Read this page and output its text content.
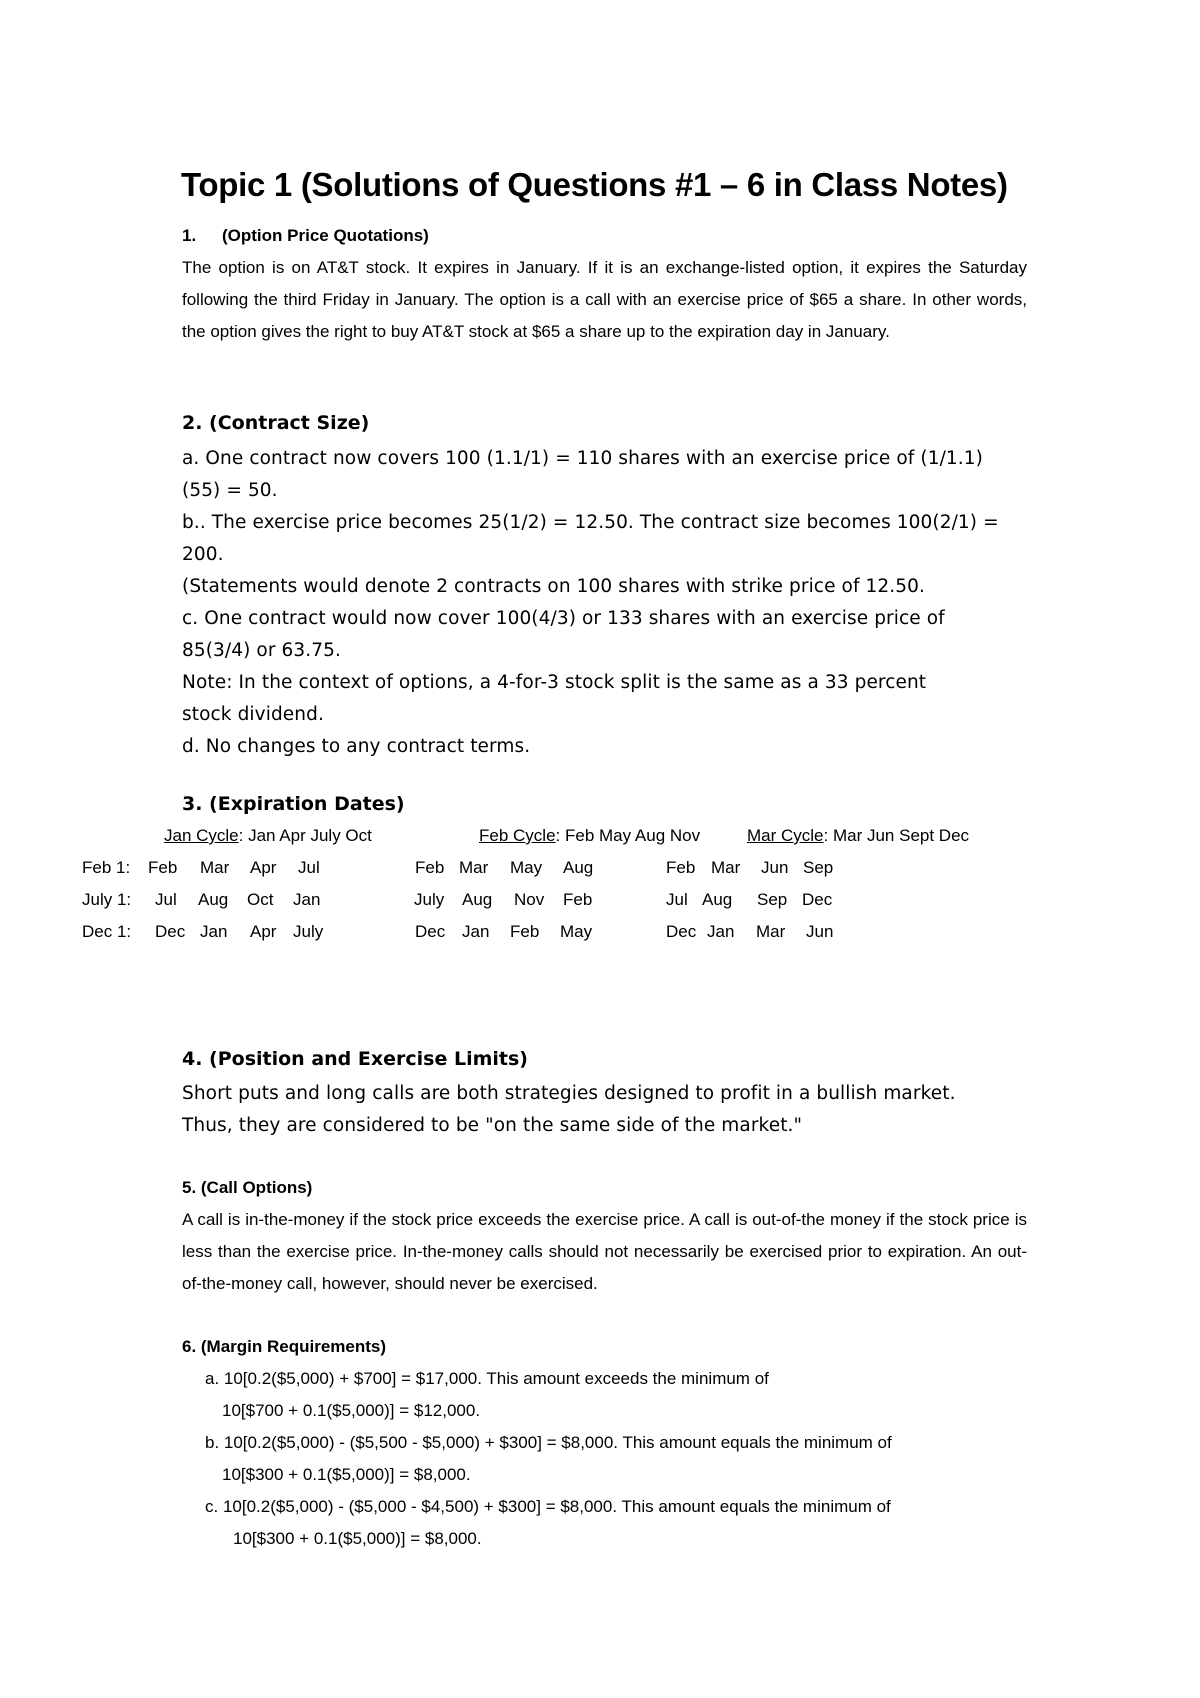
Topic 1 (Solutions of Questions #1 – 6 in Class Notes)
1. (Option Price Quotations)
The option is on AT&T stock. It expires in January. If it is an exchange-listed option, it expires the Saturday following the third Friday in January. The option is a call with an exercise price of $65 a share. In other words, the option gives the right to buy AT&T stock at $65 a share up to the expiration day in January.
2. (Contract Size)
a. One contract now covers 100 (1.1/1) = 110 shares with an exercise price of (1/1.1)
(55) = 50.
b.. The exercise price becomes 25(1/2) = 12.50. The contract size becomes 100(2/1) =
200.
(Statements would denote 2 contracts on 100 shares with strike price of 12.50.
c. One contract would now cover 100(4/3) or 133 shares with an exercise price of
85(3/4) or 63.75.
Note: In the context of options, a 4-for-3 stock split is the same as a 33 percent
stock dividend.
d. No changes to any contract terms.
3. (Expiration Dates)
Jan Cycle: Jan Apr July Oct	Feb Cycle: Feb May Aug Nov	Mar Cycle: Mar Jun Sept Dec
Feb 1: Feb Mar Apr Jul	Feb Mar May Aug	Feb Mar Jun Sep
July 1: Jul Aug Oct Jan	July Aug Nov Feb	Jul Aug Sep Dec
Dec 1: Dec Jan Apr July	Dec Jan Feb May	Dec Jan Mar Jun
4. (Position and Exercise Limits)
Short puts and long calls are both strategies designed to profit in a bullish market.
Thus, they are considered to be "on the same side of the market."
5. (Call Options)
A call is in-the-money if the stock price exceeds the exercise price. A call is out-of-the money if the stock price is less than the exercise price. In-the-money calls should not necessarily be exercised prior to expiration. An out-of-the-money call, however, should never be exercised.
6. (Margin Requirements)
a. 10[0.2($5,000) + $700] = $17,000. This amount exceeds the minimum of
10[$700 + 0.1($5,000)] = $12,000.
b. 10[0.2($5,000) - ($5,500 - $5,000) + $300] = $8,000. This amount equals the minimum of
10[$300 + 0.1($5,000)] = $8,000.
c. 10[0.2($5,000) - ($5,000 - $4,500) + $300] = $8,000. This amount equals the minimum of
10[$300 + 0.1($5,000)] = $8,000.
